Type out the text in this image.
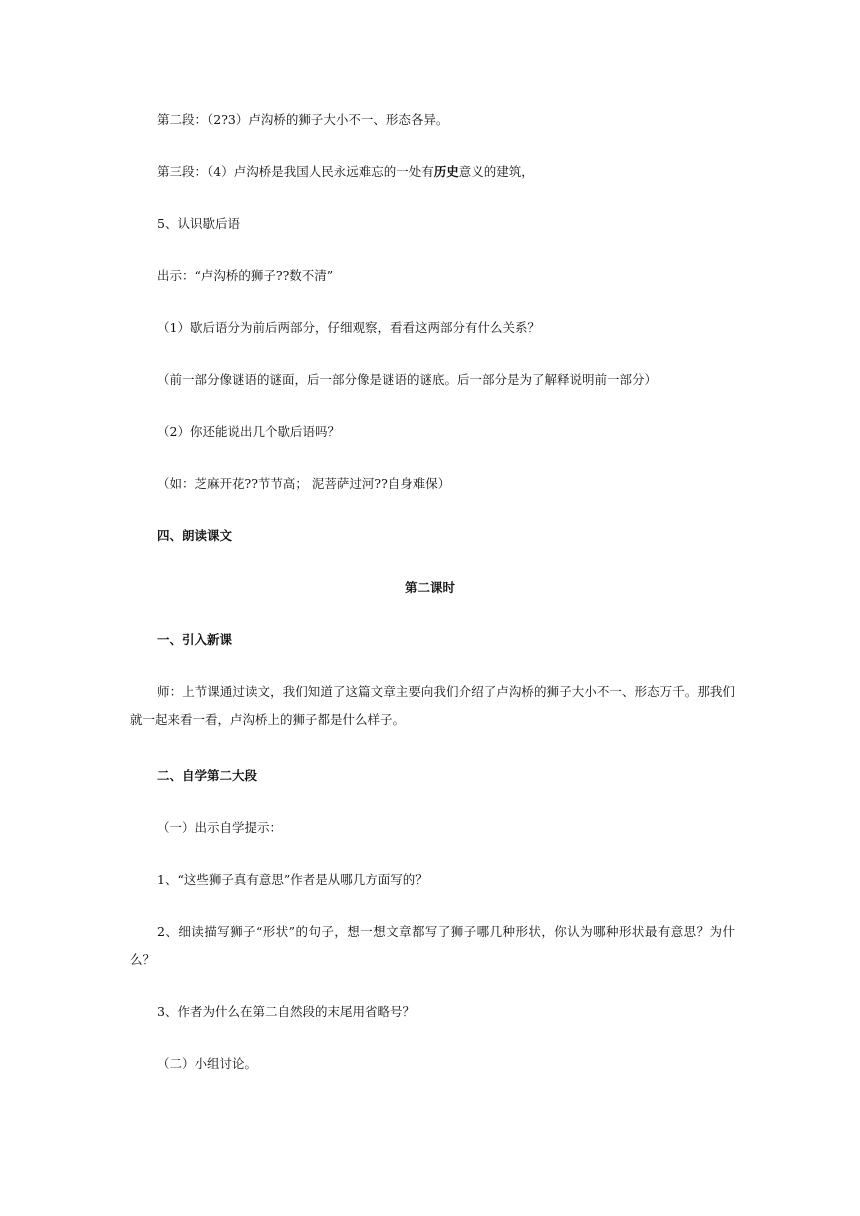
第二段：（2?3）卢沟桥的狮子大小不一、形态各异。
第三段：（4）卢沟桥是我国人民永远难忘的一处有历史意义的建筑，
5、认识歇后语
出示：“卢沟桥的狮子??数不清”
（1）歇后语分为前后两部分，仔细观察，看看这两部分有什么关系？
（前一部分像谜语的谜面，后一部分像是谜语的谜底。后一部分是为了解释说明前一部分）
（2）你还能说出几个歇后语吗？
（如：芝麻开花??节节高； 泥菩萨过河??自身难保）
四、朗读课文
第二课时
一、引入新课
师：上节课通过读文，我们知道了这篇文章主要向我们介绍了卢沟桥的狮子大小不一、形态万千。那我们就一起来看一看，卢沟桥上的狮子都是什么样子。
二、自学第二大段
（一）出示自学提示：
1、“这些狮子真有意思”作者是从哪几方面写的？
2、细读描写狮子“形状”的句子，想一想文章都写了狮子哪几种形状，你认为哪种形状最有意思？为什么？
3、作者为什么在第二自然段的末尾用省略号？
（二）小组讨论。
